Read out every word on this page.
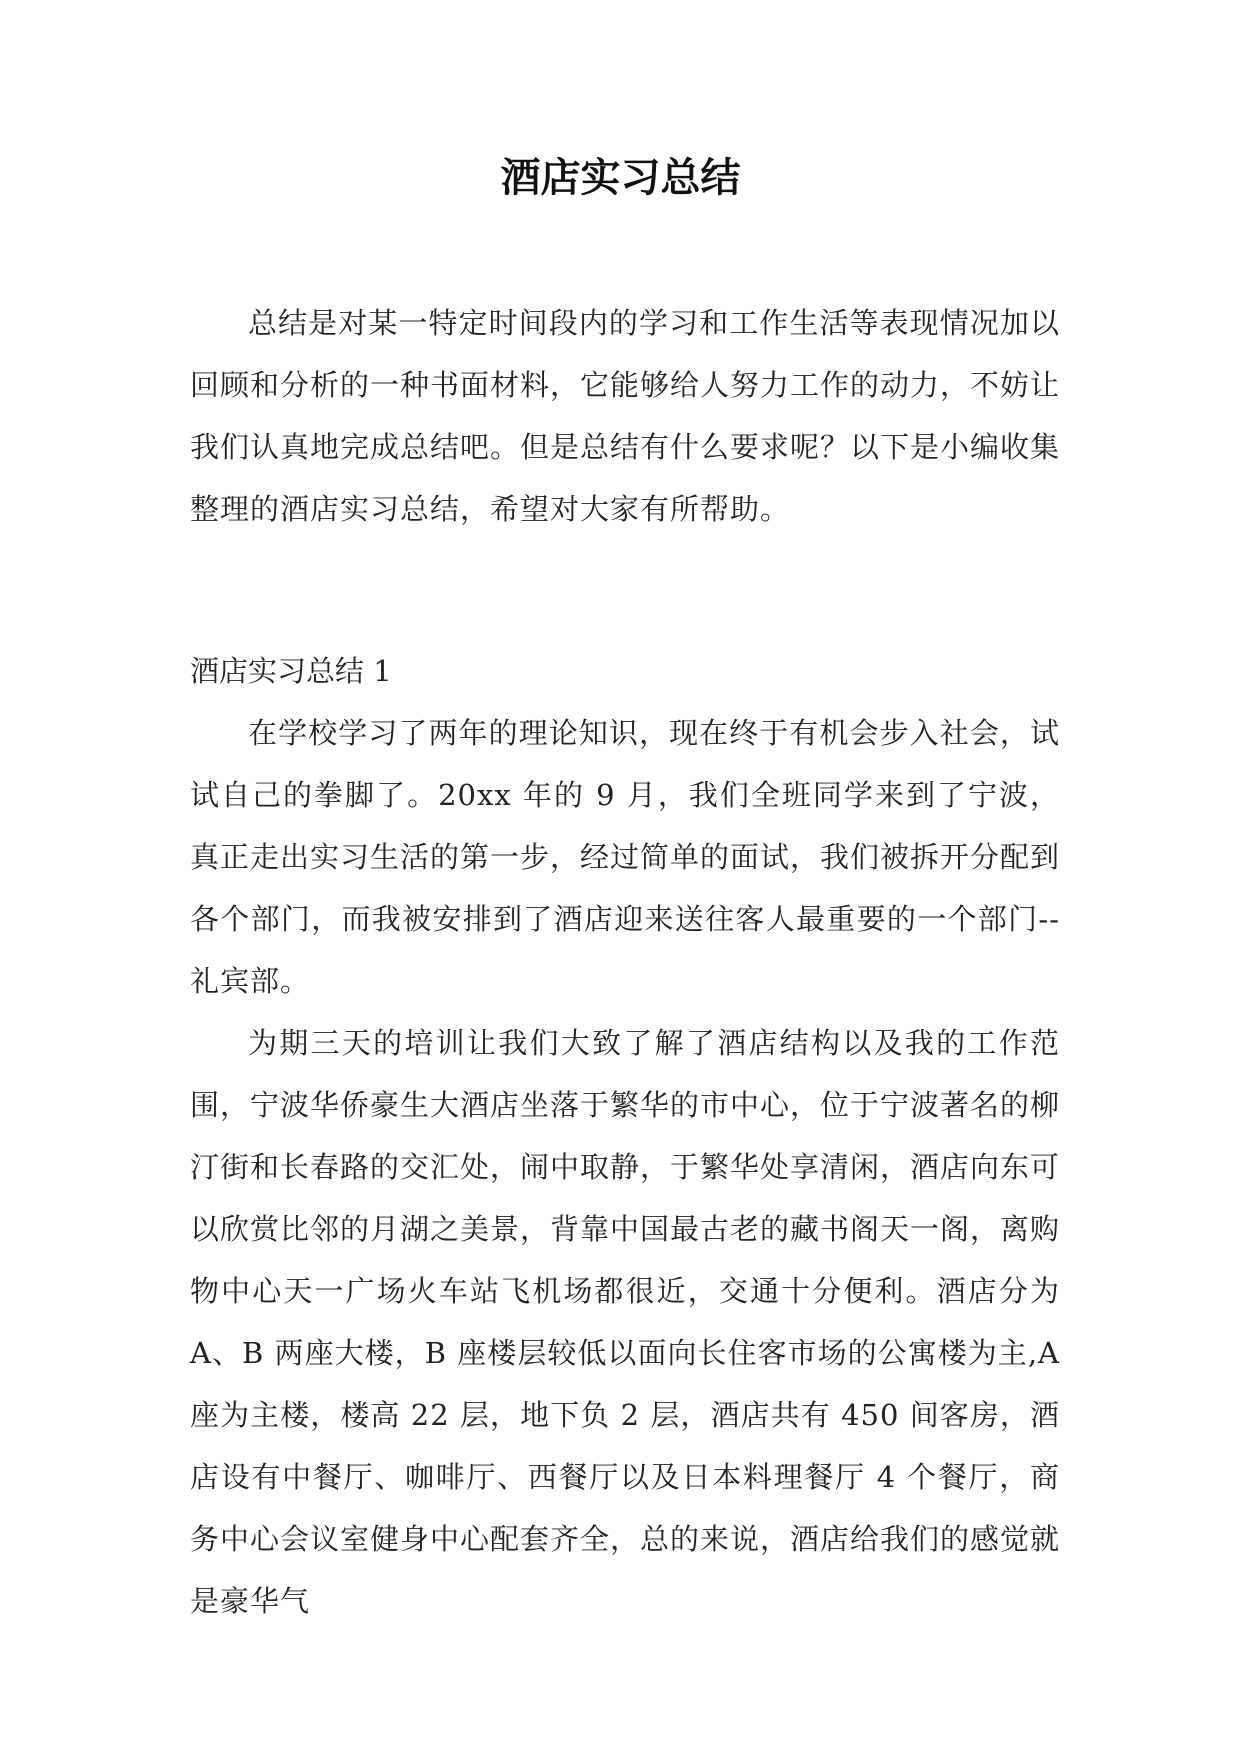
酒店实习总结

总结是对某一特定时间段内的学习和工作生活等表现情况加以回顾和分析的一种书面材料，它能够给人努力工作的动力，不妨让我们认真地完成总结吧。但是总结有什么要求呢？以下是小编收集整理的酒店实习总结，希望对大家有所帮助。

酒店实习总结 1

在学校学习了两年的理论知识，现在终于有机会步入社会，试试自己的拳脚了。20xx 年的 9 月，我们全班同学来到了宁波，真正走出实习生活的第一步，经过简单的面试，我们被拆开分配到各个部门，而我被安排到了酒店迎来送往客人最重要的一个部门--礼宾部。

为期三天的培训让我们大致了解了酒店结构以及我的工作范围，宁波华侨豪生大酒店坐落于繁华的市中心，位于宁波著名的柳汀街和长春路的交汇处，闹中取静，于繁华处享清闲，酒店向东可以欣赏比邻的月湖之美景，背靠中国最古老的藏书阁天一阁，离购物中心天一广场火车站飞机场都很近，交通十分便利。酒店分为 A、B 两座大楼，B 座楼层较低以面向长住客市场的公寓楼为主,A 座为主楼，楼高 22 层，地下负 2 层，酒店共有 450 间客房，酒店设有中餐厅、咖啡厅、西餐厅以及日本料理餐厅 4 个餐厅，商务中心会议室健身中心配套齐全，总的来说，酒店给我们的感觉就是豪华气
